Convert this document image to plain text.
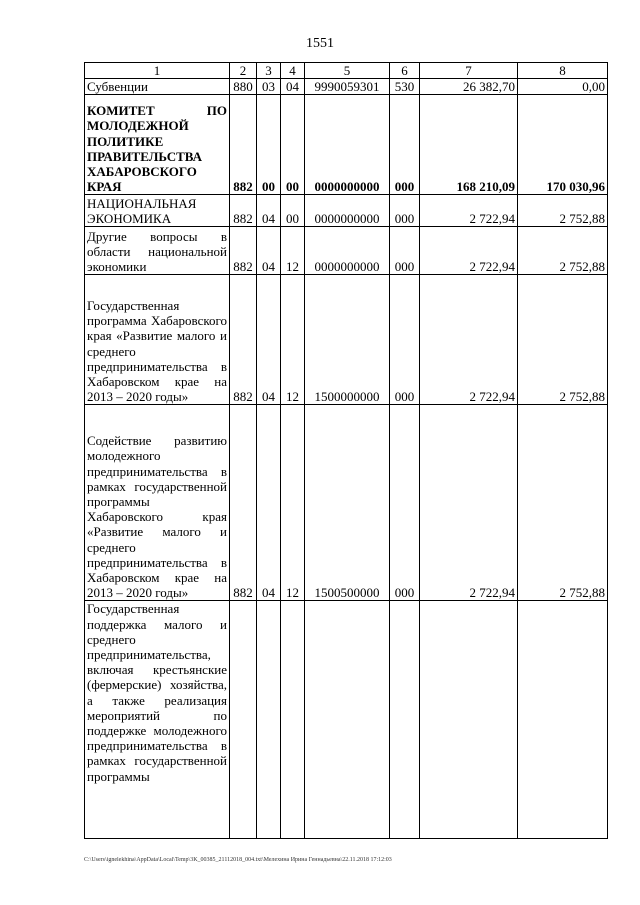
1551
1	2	3	4	5	6	7	8
Субвенции	880	03	04	9990059301	530	26 382,70	0,00
КОМИТЕТ ПО МОЛОДЕЖНОЙ ПОЛИТИКЕ ПРАВИТЕЛЬСТВА ХАБАРОВСКОГО КРАЯ	882	00	00	0000000000	000	168 210,09	170 030,96
НАЦИОНАЛЬНАЯ ЭКОНОМИКА	882	04	00	0000000000	000	2 722,94	2 752,88
Другие вопросы в области национальной экономики	882	04	12	0000000000	000	2 722,94	2 752,88
Государственная программа Хабаровского края «Развитие малого и среднего предпринимательства в Хабаровском крае на 2013 – 2020 годы»	882	04	12	1500000000	000	2 722,94	2 752,88
Содействие развитию молодежного предпринимательства в рамках государственной программы Хабаровского края «Развитие малого и среднего предпринимательства в Хабаровском крае на 2013 – 2020 годы»	882	04	12	1500500000	000	2 722,94	2 752,88
Государственная поддержка малого и среднего предпринимательства, включая крестьянские (фермерские) хозяйства, а также реализация мероприятий по поддержке молодежного предпринимательства в рамках государственной программы							
C:\Users\ignelekhina\AppData\Local\Temp\3K_00385_21112018_004.txt\Мелехина Ирина Геннадьевна\22.11.2018 17:12:03
